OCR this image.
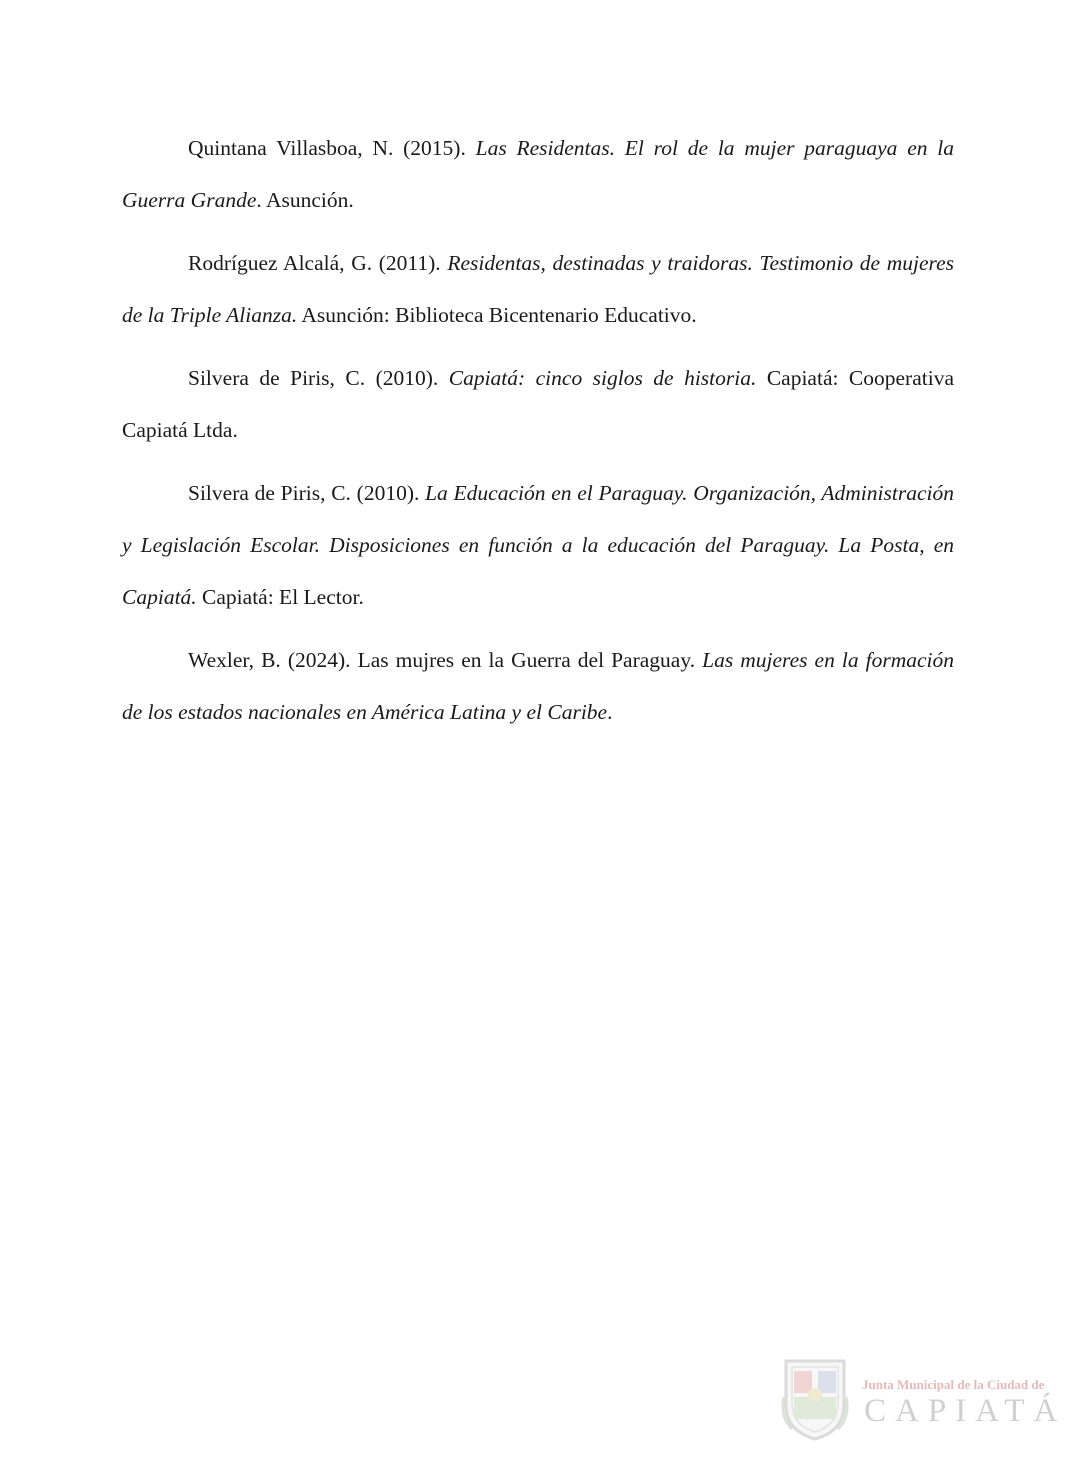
Quintana Villasboa, N. (2015). Las Residentas. El rol de la mujer paraguaya en la Guerra Grande. Asunción.

Rodríguez Alcalá, G. (2011). Residentas, destinadas y traidoras. Testimonio de mujeres de la Triple Alianza. Asunción: Biblioteca Bicentenario Educativo.

Silvera de Piris, C. (2010). Capiatá: cinco siglos de historia. Capiatá: Cooperativa Capiatá Ltda.

Silvera de Piris, C. (2010). La Educación en el Paraguay. Organización, Administración y Legislación Escolar. Disposiciones en función a la educación del Paraguay. La Posta, en Capiatá. Capiatá: El Lector.

Wexler, B. (2024). Las mujres en la Guerra del Paraguay. Las mujeres en la formación de los estados nacionales en América Latina y el Caribe.

Junta Municipal de la Ciudad de
CAPIATÁ
